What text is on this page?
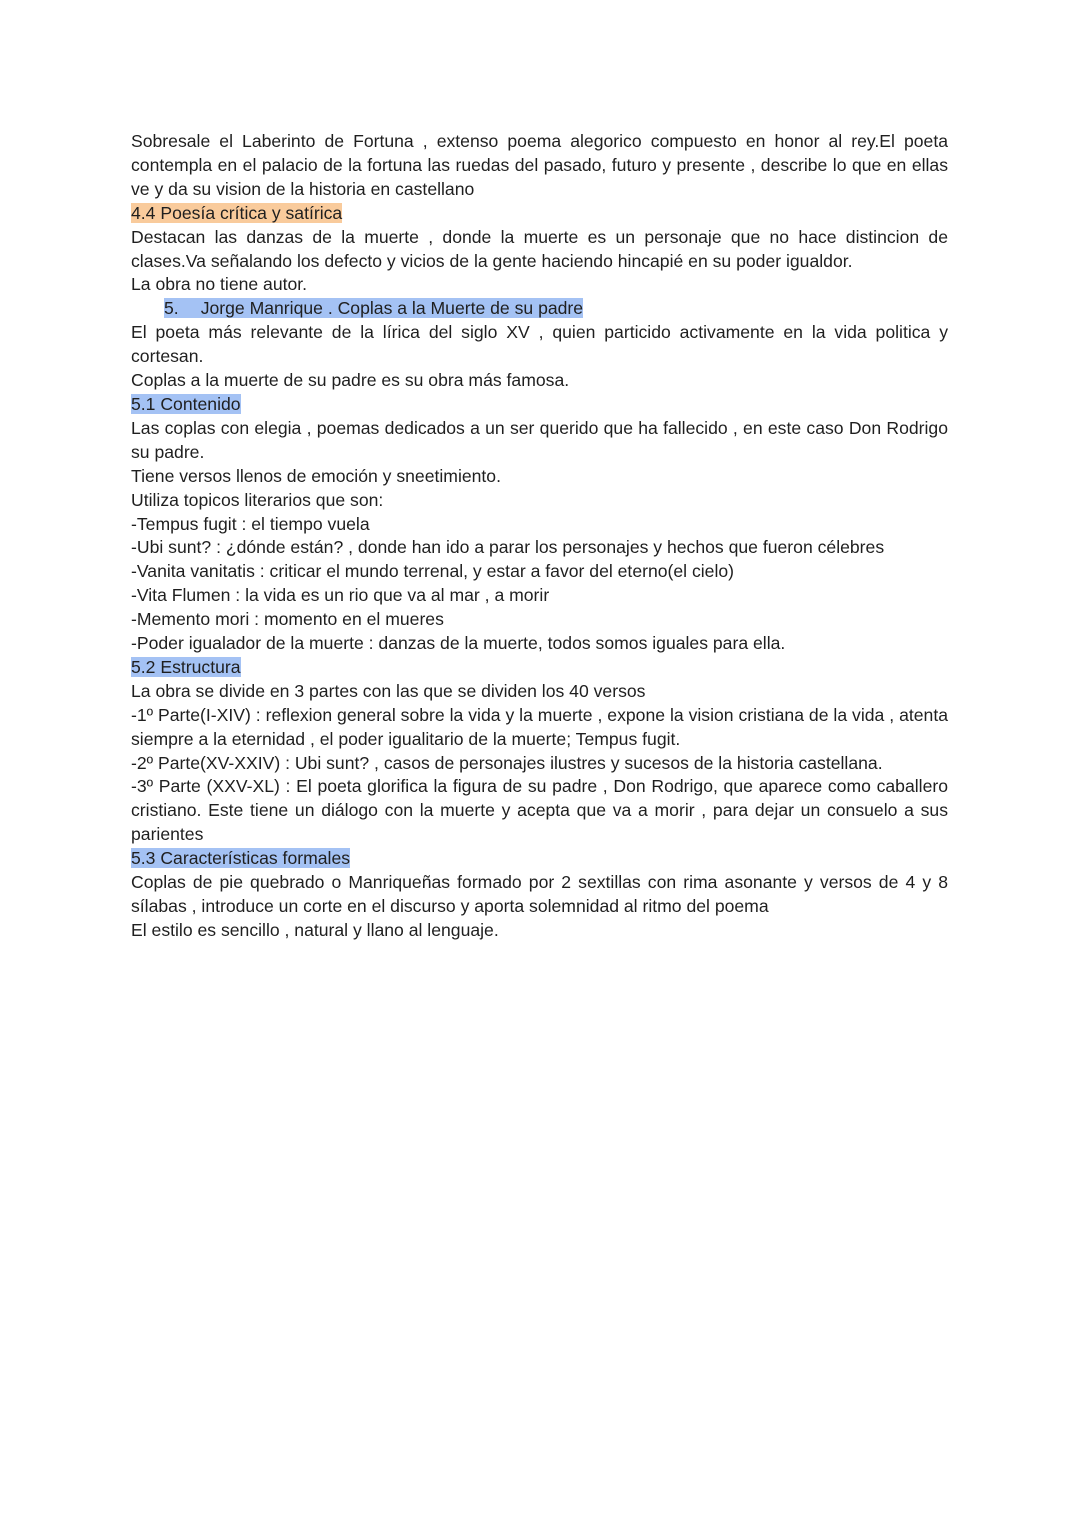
Sobresale el Laberinto de Fortuna , extenso poema alegorico compuesto en honor al rey.El poeta contempla en el palacio de la fortuna las ruedas del pasado, futuro y presente , describe lo que en ellas ve y da su vision de la historia en castellano

4.4 Poesía crítica y satírica

Destacan las danzas de la muerte , donde la muerte es un personaje que no hace distincion de clases.Va señalando los defecto y vicios de la gente haciendo hincapié en su poder igualdor.

La obra no tiene autor.

5. Jorge Manrique . Coplas a la Muerte de su padre

El poeta más relevante de la lírica del siglo XV , quien particido activamente en la vida politica y cortesan.

Coplas a la muerte de su padre es su obra más famosa.

5.1 Contenido

Las coplas con elegia , poemas dedicados a un ser querido que ha fallecido , en este caso Don Rodrigo su padre.

Tiene versos llenos de emoción y sneetimiento.

Utiliza topicos literarios que son:

-Tempus fugit : el tiempo vuela

-Ubi sunt? : ¿dónde están? , donde han ido a parar los personajes y hechos que fueron célebres

-Vanita vanitatis : criticar el mundo terrenal, y estar a favor del eterno(el cielo)

-Vita Flumen : la vida es un rio que va al mar , a morir

-Memento mori : momento en el mueres

-Poder igualador de la muerte : danzas de la muerte, todos somos iguales para ella.

5.2 Estructura

La obra se divide en 3 partes con las que se dividen los 40 versos

-1º Parte(I-XIV) : reflexion general sobre la vida y la muerte , expone la vision cristiana de la vida , atenta siempre a la eternidad , el poder igualitario de la muerte; Tempus fugit.

-2º Parte(XV-XXIV) : Ubi sunt? , casos de personajes ilustres y sucesos de la historia castellana.

-3º Parte (XXV-XL) : El poeta glorifica la figura de su padre , Don Rodrigo, que aparece como caballero cristiano. Este tiene un diálogo con la muerte y acepta que va a morir , para dejar un consuelo a sus parientes

5.3 Características formales

Coplas de pie quebrado o Manriqueñas formado por 2 sextillas con rima asonante y versos de 4 y 8 sílabas , introduce un corte en el discurso y aporta solemnidad al ritmo del poema

El estilo es sencillo , natural y llano al lenguaje.
